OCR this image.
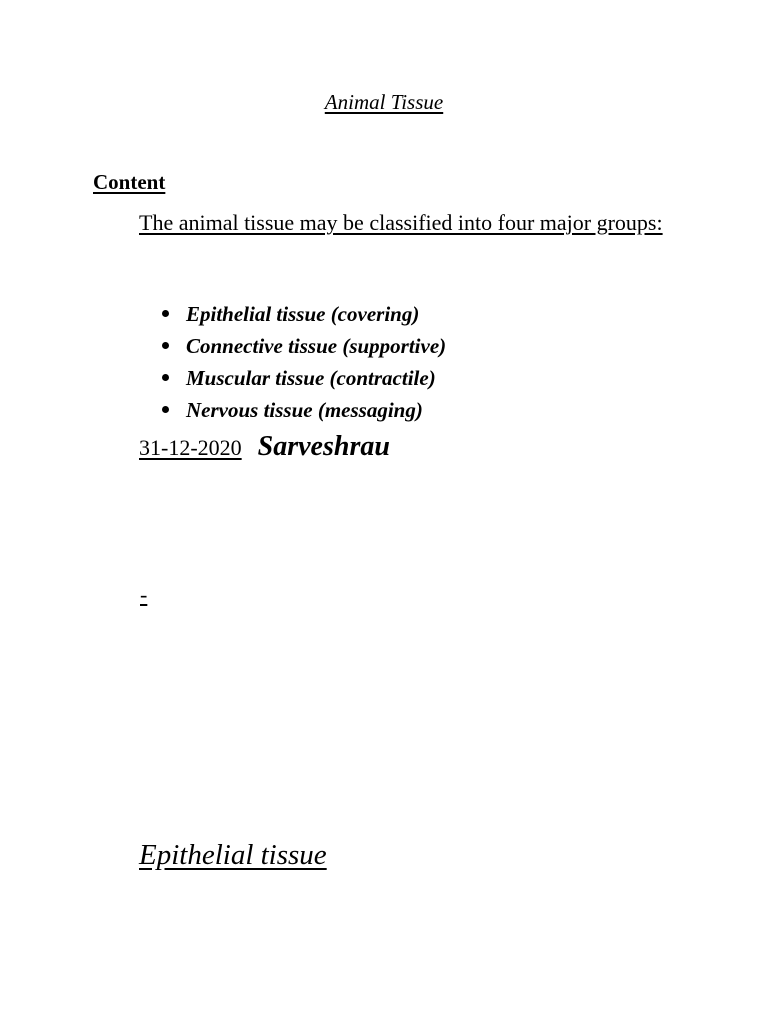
Animal Tissue
Content
The animal tissue may be classified into four major groups:
Epithelial tissue (covering)
Connective tissue (supportive)
Muscular tissue (contractile)
Nervous tissue (messaging)
31-12-2020 Sarveshrau
-
Epithelial tissue
